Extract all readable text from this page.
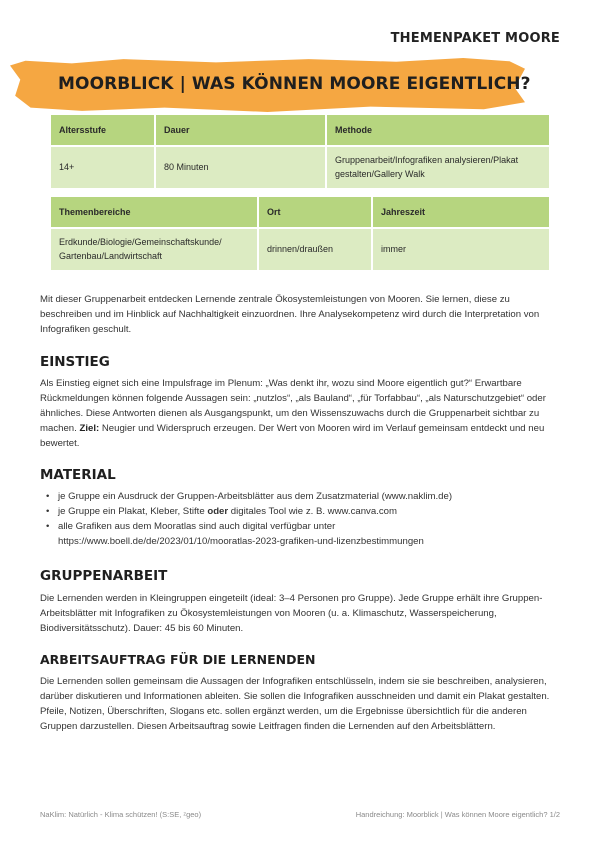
THEMENPAKET MOORE
MOORBLICK | WAS KÖNNEN MOORE EIGENTLICH?
Altersstufe	Dauer	Methode
14+	80 Minuten	Gruppenarbeit/Infografiken analysieren/Plakat gestalten/Gallery Walk
Themenbereiche	Ort	Jahreszeit
Erdkunde/Biologie/Gemeinschaftskunde/ Gartenbau/Landwirtschaft	drinnen/draußen	immer

Mit dieser Gruppenarbeit entdecken Lernende zentrale Ökosystemleistungen von Mooren. Sie lernen, diese zu beschreiben und im Hinblick auf Nachhaltigkeit einzuordnen. Ihre Analysekompetenz wird durch die Interpretation von Infografiken geschult.

EINSTIEG

Als Einstieg eignet sich eine Impulsfrage im Plenum: „Was denkt ihr, wozu sind Moore eigentlich gut?“ Erwartbare Rückmeldungen können folgende Aussagen sein: „nutzlos“, „als Bauland“, „für Torfabbau“, „als Naturschutzgebiet“ oder ähnliches. Diese Antworten dienen als Ausgangspunkt, um den Wissenszuwachs durch die Gruppenarbeit sichtbar zu machen. Ziel: Neugier und Widerspruch erzeugen. Der Wert von Mooren wird im Verlauf gemeinsam entdeckt und neu bewertet.

MATERIAL
• je Gruppe ein Ausdruck der Gruppen-Arbeitsblätter aus dem Zusatzmaterial (www.naklim.de)
• je Gruppe ein Plakat, Kleber, Stifte oder digitales Tool wie z. B. www.canva.com
• alle Grafiken aus dem Mooratlas sind auch digital verfügbar unter
https://www.boell.de/de/2023/01/10/mooratlas-2023-grafiken-und-lizenzbestimmungen
GRUPPENARBEIT

Die Lernenden werden in Kleingruppen eingeteilt (ideal: 3–4 Personen pro Gruppe). Jede Gruppe erhält ihre Gruppen-Arbeitsblätter mit Infografiken zu Ökosystemleistungen von Mooren (u. a. Klimaschutz, Wasserspeicherung, Biodiversitätsschutz). Dauer: 45 bis 60 Minuten.

ARBEITSAUFTRAG FÜR DIE LERNENDEN

Die Lernenden sollen gemeinsam die Aussagen der Infografiken entschlüsseln, indem sie sie beschreiben, analysieren, darüber diskutieren und Informationen ableiten. Sie sollen die Infografiken ausschneiden und damit ein Plakat gestalten. Pfeile, Notizen, Überschriften, Slogans etc. sollen ergänzt werden, um die Ergebnisse übersichtlich für die anderen Gruppen darzustellen. Diesen Arbeitsauftrag sowie Leitfragen finden die Lernenden auf den Arbeitsblättern.

NaKlim: Natürlich - Klima schützen! (S:SE, ᶻgeo)	Handreichung: Moorblick | Was können Moore eigentlich? 1/2
